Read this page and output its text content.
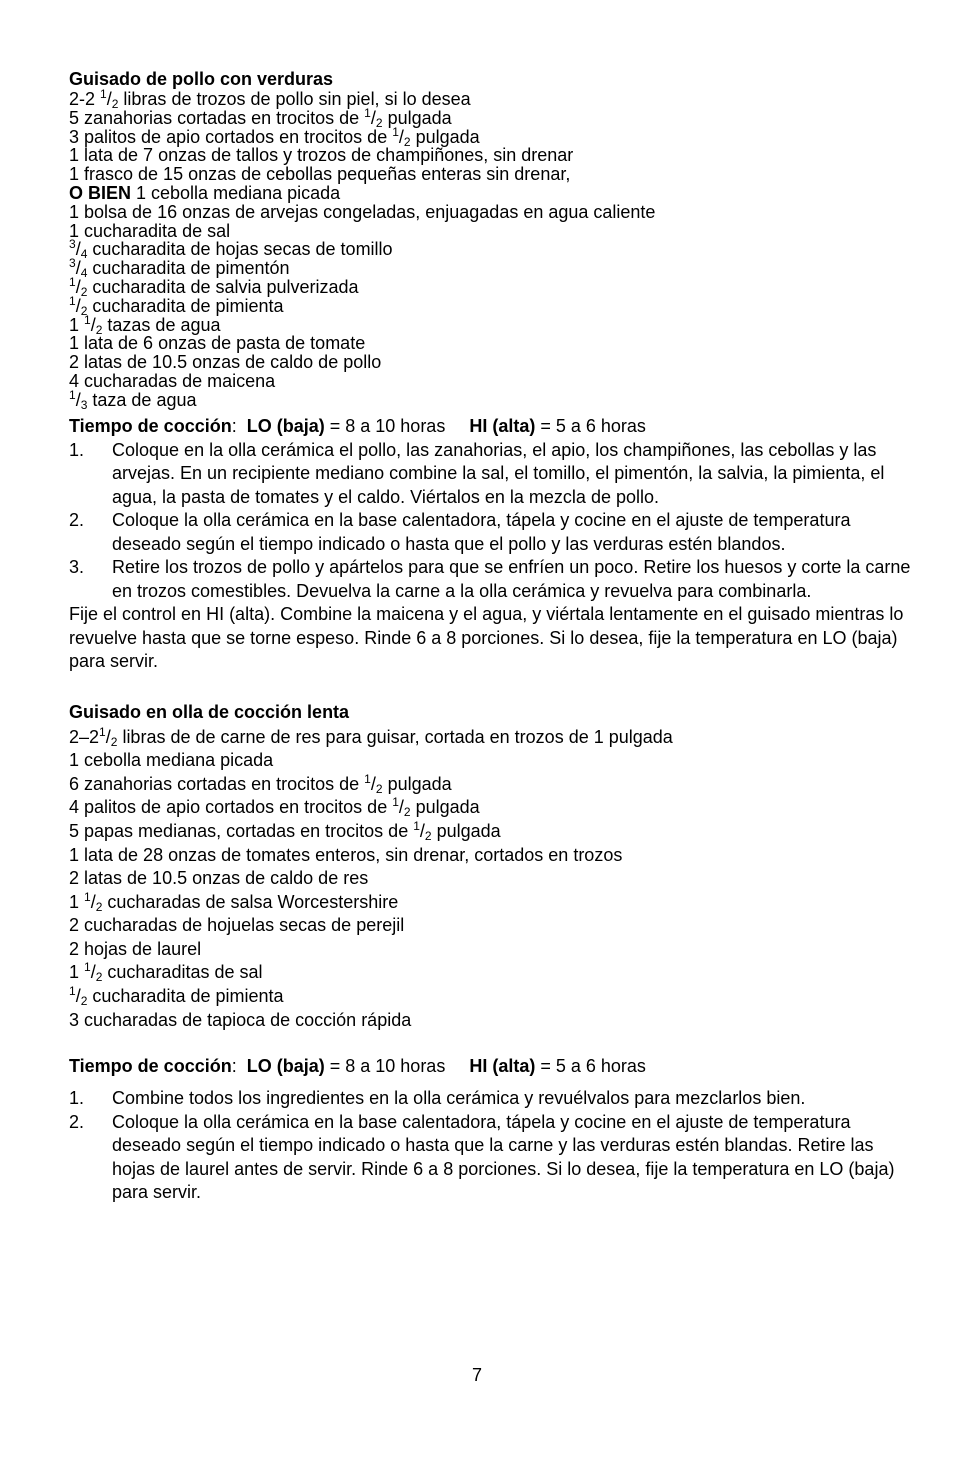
Guisado de pollo con verduras
2-2 $^1/_2$ libras de trozos de pollo sin piel, si lo desea
5 zanahorias cortadas en trocitos de $^1/_2$ pulgada
3 palitos de apio cortados en trocitos de $^1/_2$ pulgada
1 lata de 7 onzas de tallos y trozos de champiñones, sin drenar
1 frasco de 15 onzas de cebollas pequeñas enteras sin drenar,
O BIEN 1 cebolla mediana picada
1 bolsa de 16 onzas de arvejas congeladas, enjuagadas en agua caliente
1 cucharadita de sal
$^3/_4$ cucharadita de hojas secas de tomillo
$^3/_4$ cucharadita de pimentón
$^1/_2$ cucharadita de salvia pulverizada
$^1/_2$ cucharadita de pimienta
1 $^1/_2$ tazas de agua
1 lata de 6 onzas de pasta de tomate
2 latas de 10.5 onzas de caldo de pollo
4 cucharadas de maicena
$^1/_3$ taza de agua

Tiempo de cocción:  LO (baja) = 8 a 10 horas HI (alta) = 5 a 6 horas

1. Coloque en la olla cerámica el pollo, las zanahorias, el apio, los champiñones, las cebollas y las arvejas. En un recipiente mediano combine la sal, el tomillo, el pimentón, la salvia, la pimienta, el agua, la pasta de tomates y el caldo. Viértalos en la mezcla de pollo.
2. Coloque la olla cerámica en la base calentadora, tápela y cocine en el ajuste de temperatura deseado según el tiempo indicado o hasta que el pollo y las verduras estén blandos.
3. Retire los trozos de pollo y apártelos para que se enfríen un poco. Retire los huesos y corte la carne en trozos comestibles. Devuelva la carne a la olla cerámica y revuelva para combinarla.

Fije el control en HI (alta). Combine la maicena y el agua, y viértala lentamente en el guisado mientras lo revuelve hasta que se torne espeso. Rinde 6 a 8 porciones. Si lo desea, fije la temperatura en LO (baja) para servir.

Guisado en olla de cocción lenta
$2-2^1/_2$ libras de de carne de res para guisar, cortada en trozos de 1 pulgada
1 cebolla mediana picada
6 zanahorias cortadas en trocitos de $^1/_2$ pulgada
4 palitos de apio cortados en trocitos de $^1/_2$ pulgada
5 papas medianas, cortadas en trocitos de $^1/_2$ pulgada
1 lata de 28 onzas de tomates enteros, sin drenar, cortados en trozos
2 latas de 10.5 onzas de caldo de res
1 $^1/_2$ cucharadas de salsa Worcestershire
2 cucharadas de hojuelas secas de perejil
2 hojas de laurel
1 $^1/_2$ cucharaditas de sal
$^1/_2$ cucharadita de pimienta
3 cucharadas de tapioca de cocción rápida

Tiempo de cocción:  LO (baja) = 8 a 10 horas HI (alta) = 5 a 6 horas

1. Combine todos los ingredientes en la olla cerámica y revuélvalos para mezclarlos bien.
2. Coloque la olla cerámica en la base calentadora, tápela y cocine en el ajuste de temperatura deseado según el tiempo indicado o hasta que la carne y las verduras estén blandas. Retire las hojas de laurel antes de servir. Rinde 6 a 8 porciones. Si lo desea, fije la temperatura en LO (baja) para servir.
7
